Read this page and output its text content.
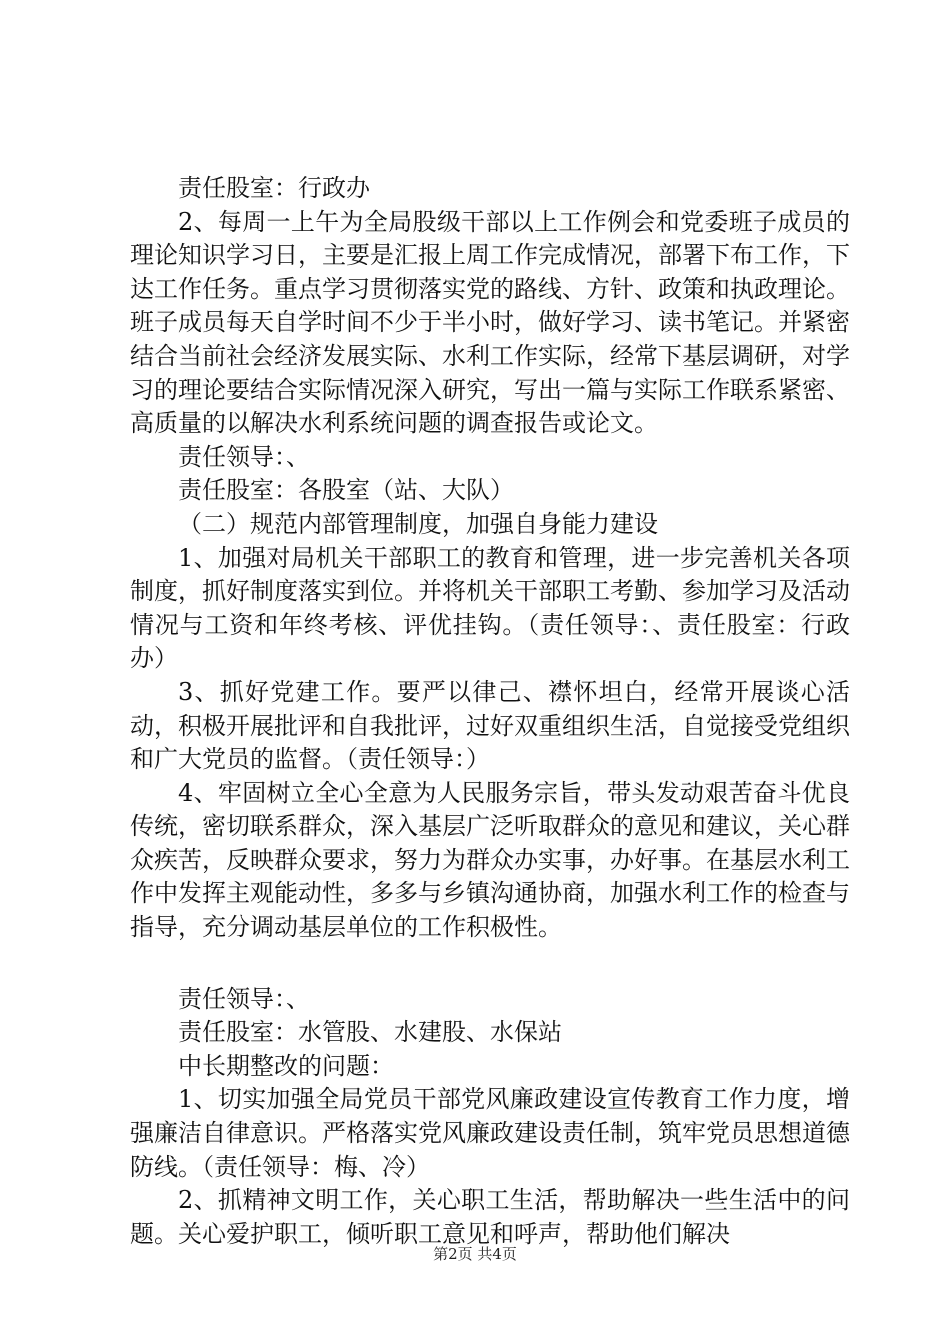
责任股室：行政办

2、每周一上午为全局股级干部以上工作例会和党委班子成员的理论知识学习日，主要是汇报上周工作完成情况，部署下布工作，下达工作任务。重点学习贯彻落实党的路线、方针、政策和执政理论。班子成员每天自学时间不少于半小时，做好学习、读书笔记。并紧密结合当前社会经济发展实际、水利工作实际，经常下基层调研，对学习的理论要结合实际情况深入研究，写出一篇与实际工作联系紧密、高质量的以解决水利系统问题的调查报告或论文。

责任领导：、

责任股室：各股室（站、大队）

（二）规范内部管理制度，加强自身能力建设

1、加强对局机关干部职工的教育和管理，进一步完善机关各项制度，抓好制度落实到位。并将机关干部职工考勤、参加学习及活动情况与工资和年终考核、评优挂钩。（责任领导：、责任股室：行政办）

3、抓好党建工作。要严以律己、襟怀坦白，经常开展谈心活动，积极开展批评和自我批评，过好双重组织生活，自觉接受党组织和广大党员的监督。（责任领导：）

4、牢固树立全心全意为人民服务宗旨，带头发动艰苦奋斗优良传统，密切联系群众，深入基层广泛听取群众的意见和建议，关心群众疾苦，反映群众要求，努力为群众办实事，办好事。在基层水利工作中发挥主观能动性，多多与乡镇沟通协商，加强水利工作的检查与指导，充分调动基层单位的工作积极性。

责任领导：、

责任股室：水管股、水建股、水保站

中长期整改的问题：

1、切实加强全局党员干部党风廉政建设宣传教育工作力度，增强廉洁自律意识。严格落实党风廉政建设责任制，筑牢党员思想道德防线。（责任领导：梅、冷）

2、抓精神文明工作，关心职工生活，帮助解决一些生活中的问题。关心爱护职工，倾听职工意见和呼声，帮助他们解决

第2页 共4页
